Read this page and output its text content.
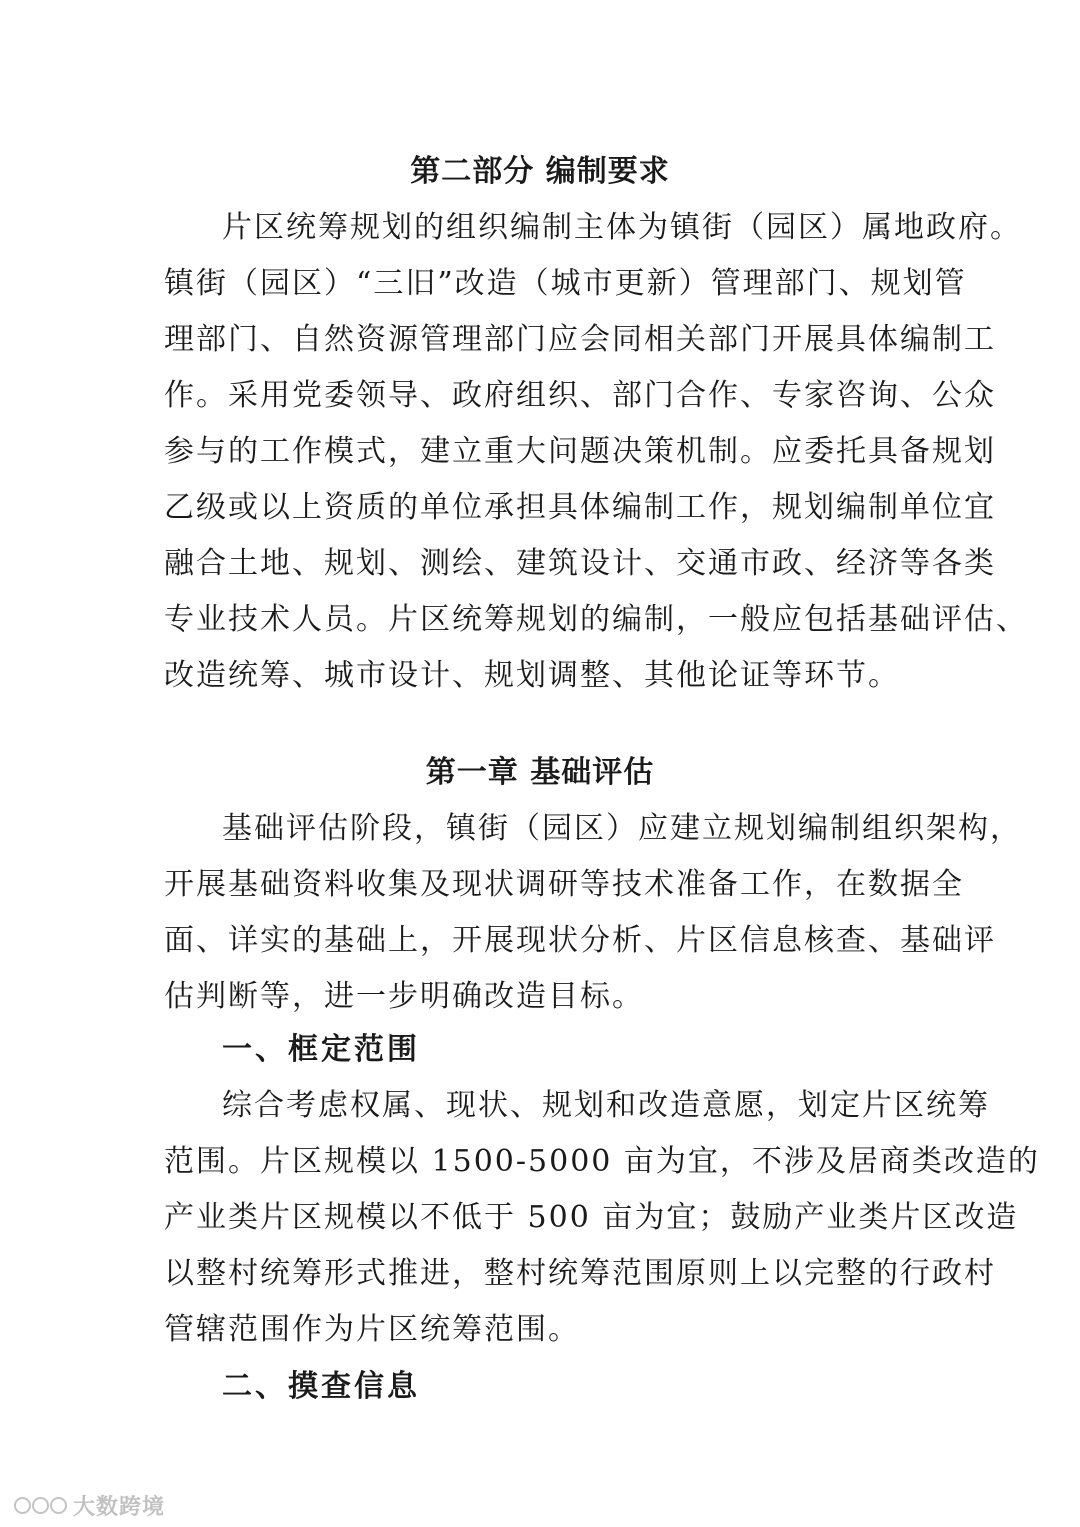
第二部分 编制要求
片区统筹规划的组织编制主体为镇街（园区）属地政府。
镇街（园区）“三旧”改造（城市更新）管理部门、规划管
理部门、自然资源管理部门应会同相关部门开展具体编制工
作。采用党委领导、政府组织、部门合作、专家咨询、公众
参与的工作模式，建立重大问题决策机制。应委托具备规划
乙级或以上资质的单位承担具体编制工作，规划编制单位宜
融合土地、规划、测绘、建筑设计、交通市政、经济等各类
专业技术人员。片区统筹规划的编制，一般应包括基础评估、
改造统筹、城市设计、规划调整、其他论证等环节。
第一章 基础评估
基础评估阶段，镇街（园区）应建立规划编制组织架构，
开展基础资料收集及现状调研等技术准备工作，在数据全
面、详实的基础上，开展现状分析、片区信息核查、基础评
估判断等，进一步明确改造目标。
一、框定范围
综合考虑权属、现状、规划和改造意愿，划定片区统筹
范围。片区规模以 1500-5000 亩为宜，不涉及居商类改造的
产业类片区规模以不低于 500 亩为宜；鼓励产业类片区改造
以整村统筹形式推进，整村统筹范围原则上以完整的行政村
管辖范围作为片区统筹范围。
二、摸查信息
大数跨境
